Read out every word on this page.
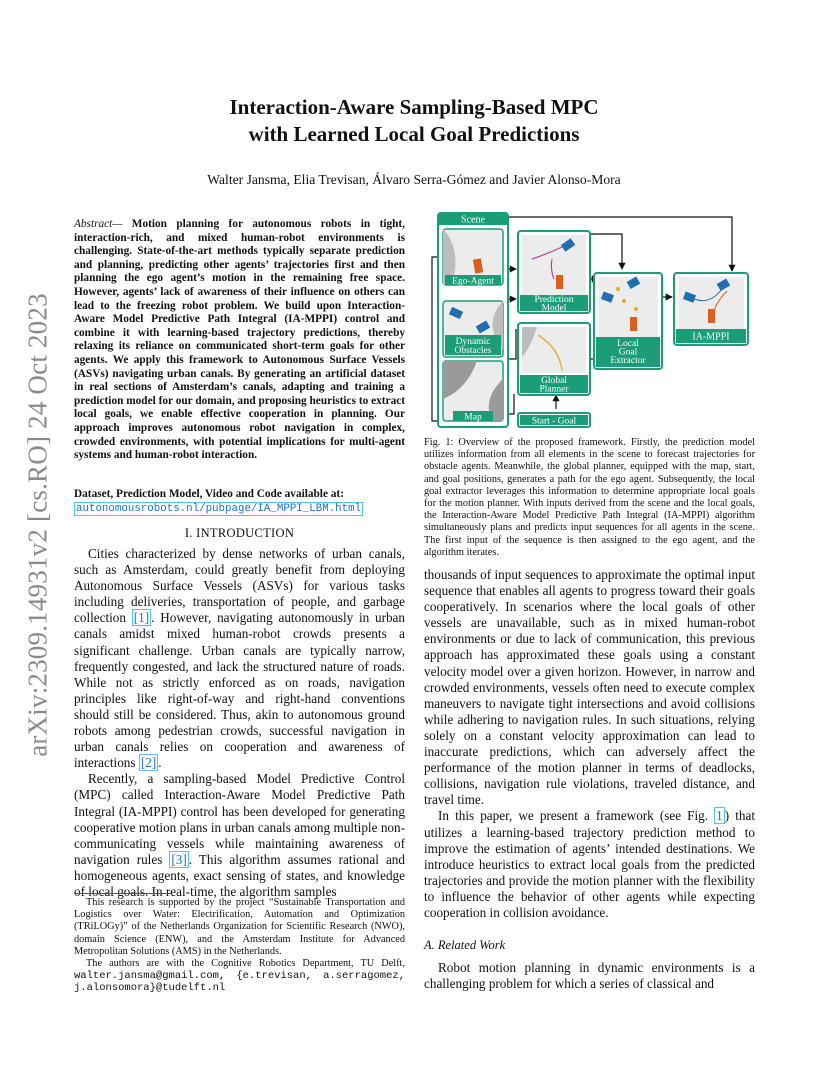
arXiv:2309.14931v2 [cs.RO] 24 Oct 2023
Interaction-Aware Sampling-Based MPC
with Learned Local Goal Predictions
Walter Jansma, Elia Trevisan, Álvaro Serra-Gómez and Javier Alonso-Mora
Abstract— Motion planning for autonomous robots in tight, interaction-rich, and mixed human-robot environments is challenging. State-of-the-art methods typically separate prediction and planning, predicting other agents’ trajectories first and then planning the ego agent’s motion in the remaining free space. However, agents’ lack of awareness of their influence on others can lead to the freezing robot problem. We build upon Interaction-Aware Model Predictive Path Integral (IA-MPPI) control and combine it with learning-based trajectory predictions, thereby relaxing its reliance on communicated short-term goals for other agents. We apply this framework to Autonomous Surface Vessels (ASVs) navigating urban canals. By generating an artificial dataset in real sections of Amsterdam’s canals, adapting and training a prediction model for our domain, and proposing heuristics to extract local goals, we enable effective cooperation in planning. Our approach improves autonomous robot navigation in complex, crowded environments, with potential implications for multi-agent systems and human-robot interaction.
Dataset, Prediction Model, Video and Code available at:
autonomousrobots.nl/pubpage/IA_MPPI_LBM.html
I. INTRODUCTION

Cities characterized by dense networks of urban canals, such as Amsterdam, could greatly benefit from deploying Autonomous Surface Vessels (ASVs) for various tasks including deliveries, transportation of people, and garbage collection [1] . However, navigating autonomously in urban canals amidst mixed human-robot crowds presents a significant challenge. Urban canals are typically narrow, frequently congested, and lack the structured nature of roads. While not as strictly enforced as on roads, navigation principles like right-of-way and right-hand conventions should still be considered. Thus, akin to autonomous ground robots among pedestrian crowds, successful navigation in urban canals relies on cooperation and awareness of interactions [2] .

Recently, a sampling-based Model Predictive Control (MPC) called Interaction-Aware Model Predictive Path Integral (IA-MPPI) control has been developed for generating cooperative motion plans in urban canals among multiple non-communicating vessels while maintaining awareness of navigation rules [3] . This algorithm assumes rational and homogeneous agents, exact sensing of states, and knowledge of local goals. In real-time, the algorithm samples

This research is supported by the project “Sustainable Transportation and Logistics over Water: Electrification, Automation and Optimization (TRiLOGy)” of the Netherlands Organization for Scientific Research (NWO), domain Science (ENW), and the Amsterdam Institute for Advanced Metropolitan Solutions (AMS) in the Netherlands.

The authors are with the Cognitive Robotics Department, TU Delft, walter.jansma@gmail.com, {e.trevisan, a.serragomez, j.alonsomora}@tudelft.nl

Scene
Ego-Agent
Dynamic
Obstacles
Map
Prediction
Model
Global
Planner
Start - Goal
Local
Goal
Extractor
IA-MPPI
Fig. 1: Overview of the proposed framework. Firstly, the prediction model utilizes information from all elements in the scene to forecast trajectories for obstacle agents. Meanwhile, the global planner, equipped with the map, start, and goal positions, generates a path for the ego agent. Subsequently, the local goal extractor leverages this information to determine appropriate local goals for the motion planner. With inputs derived from the scene and the local goals, the Interaction-Aware Model Predictive Path Integral (IA-MPPI) algorithm simultaneously plans and predicts input sequences for all agents in the scene. The first input of the sequence is then assigned to the ego agent, and the algorithm iterates.

thousands of input sequences to approximate the optimal input sequence that enables all agents to progress toward their goals cooperatively. In scenarios where the local goals of other vessels are unavailable, such as in mixed human-robot environments or due to lack of communication, this previous approach has approximated these goals using a constant velocity model over a given horizon. However, in narrow and crowded environments, vessels often need to execute complex maneuvers to navigate tight intersections and avoid collisions while adhering to navigation rules. In such situations, relying solely on a constant velocity approximation can lead to inaccurate predictions, which can adversely affect the performance of the motion planner in terms of deadlocks, collisions, navigation rule violations, traveled distance, and travel time.

In this paper, we present a framework (see Fig. 1 ) that utilizes a learning-based trajectory prediction method to improve the estimation of agents’ intended destinations. We introduce heuristics to extract local goals from the predicted trajectories and provide the motion planner with the flexibility to influence the behavior of other agents while expecting cooperation in collision avoidance.

A. Related Work

Robot motion planning in dynamic environments is a challenging problem for which a series of classical and
